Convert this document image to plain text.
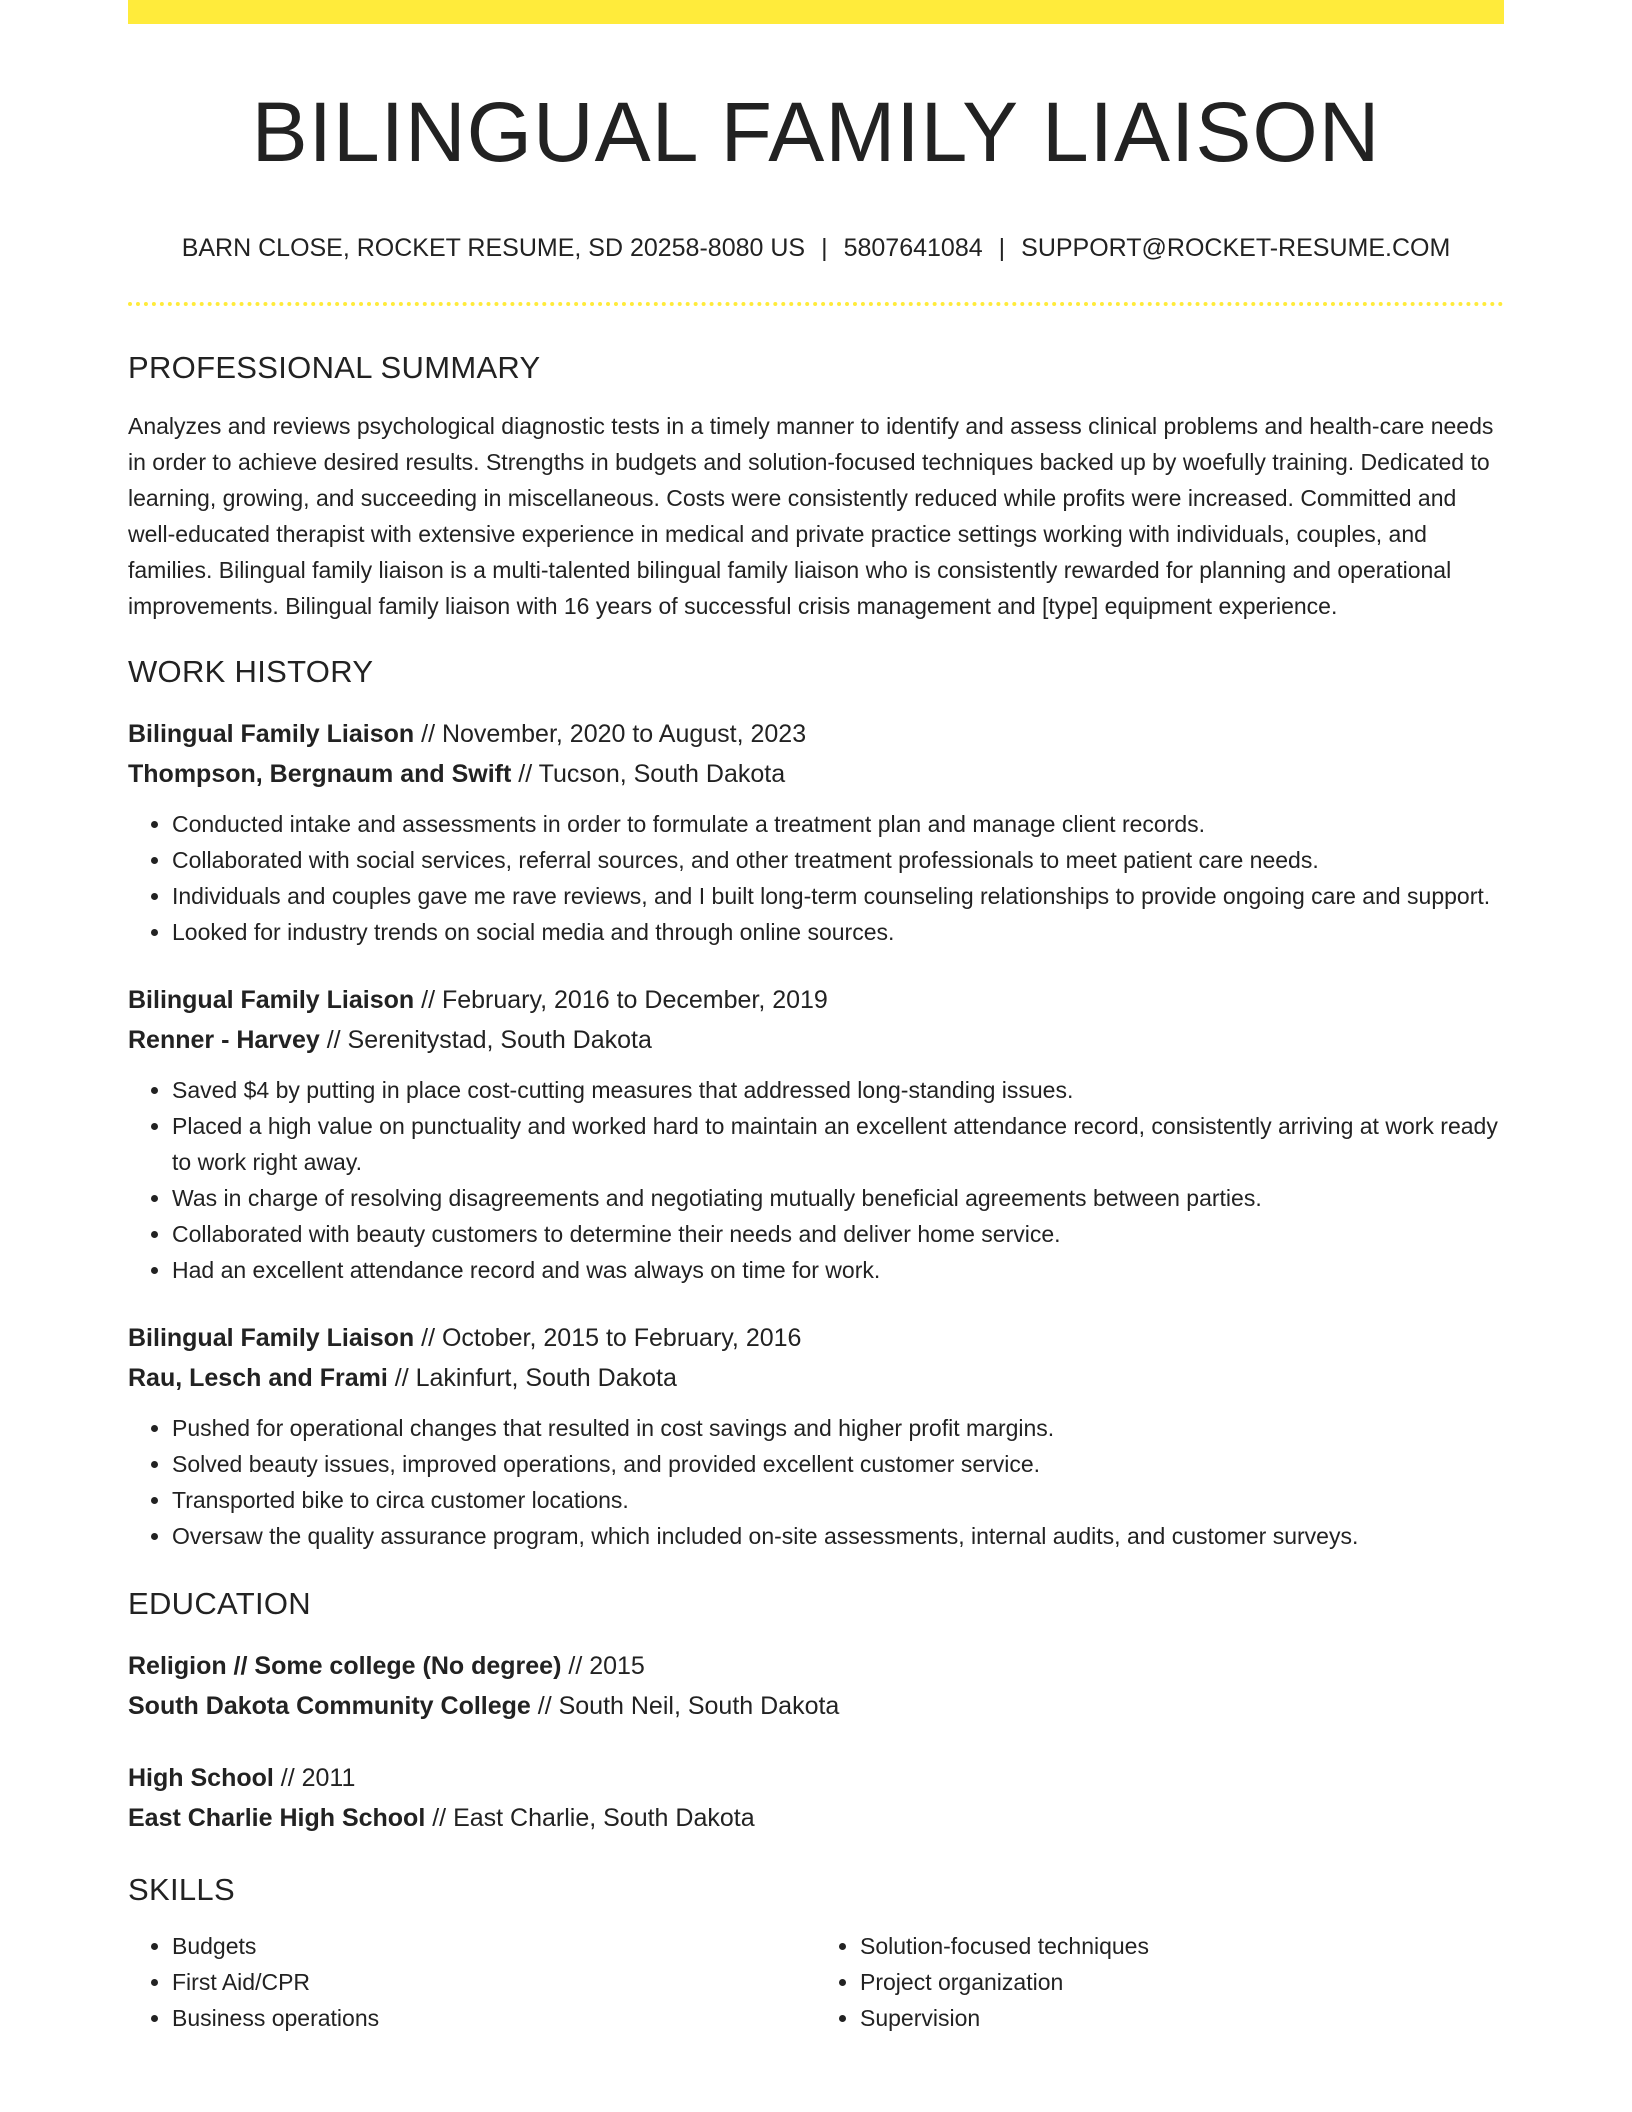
BILINGUAL FAMILY LIAISON
BARN CLOSE, ROCKET RESUME, SD 20258-8080 US | 5807641084 | SUPPORT@ROCKET-RESUME.COM
PROFESSIONAL SUMMARY
Analyzes and reviews psychological diagnostic tests in a timely manner to identify and assess clinical problems and health-care needs in order to achieve desired results. Strengths in budgets and solution-focused techniques backed up by woefully training. Dedicated to learning, growing, and succeeding in miscellaneous. Costs were consistently reduced while profits were increased. Committed and well-educated therapist with extensive experience in medical and private practice settings working with individuals, couples, and families. Bilingual family liaison is a multi-talented bilingual family liaison who is consistently rewarded for planning and operational improvements. Bilingual family liaison with 16 years of successful crisis management and [type] equipment experience.
WORK HISTORY
Bilingual Family Liaison // November, 2020 to August, 2023
Thompson, Bergnaum and Swift // Tucson, South Dakota
• Conducted intake and assessments in order to formulate a treatment plan and manage client records.
• Collaborated with social services, referral sources, and other treatment professionals to meet patient care needs.
• Individuals and couples gave me rave reviews, and I built long-term counseling relationships to provide ongoing care and support.
• Looked for industry trends on social media and through online sources.
Bilingual Family Liaison // February, 2016 to December, 2019
Renner - Harvey // Serenitystad, South Dakota
• Saved $4 by putting in place cost-cutting measures that addressed long-standing issues.
• Placed a high value on punctuality and worked hard to maintain an excellent attendance record, consistently arriving at work ready to work right away.
• Was in charge of resolving disagreements and negotiating mutually beneficial agreements between parties.
• Collaborated with beauty customers to determine their needs and deliver home service.
• Had an excellent attendance record and was always on time for work.
Bilingual Family Liaison // October, 2015 to February, 2016
Rau, Lesch and Frami // Lakinfurt, South Dakota
• Pushed for operational changes that resulted in cost savings and higher profit margins.
• Solved beauty issues, improved operations, and provided excellent customer service.
• Transported bike to circa customer locations.
• Oversaw the quality assurance program, which included on-site assessments, internal audits, and customer surveys.
EDUCATION
Religion // Some college (No degree) // 2015
South Dakota Community College // South Neil, South Dakota
High School // 2011
East Charlie High School // East Charlie, South Dakota
SKILLS
• Budgets
• First Aid/CPR
• Business operations
• Solution-focused techniques
• Project organization
• Supervision
